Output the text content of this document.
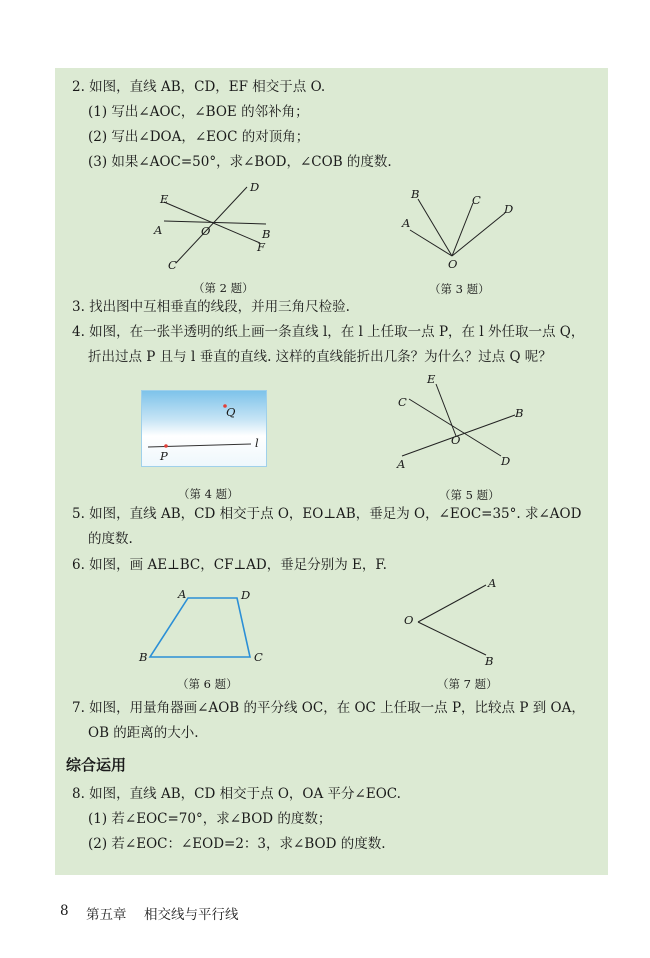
2. 如图，直线 AB，CD，EF 相交于点 O.
(1) 写出∠AOC，∠BOE 的邻补角；
(2) 写出∠DOA，∠EOC 的对顶角；
(3) 如果∠AOC=50°，求∠BOD，∠COB 的度数.
E
D
A	O	B
F
C
（第 2 题）
A
B	C
D
O
（第 3 题）
3. 找出图中互相垂直的线段，并用三角尺检验.
4. 如图，在一张半透明的纸上画一条直线 l，在 l 上任取一点 P，在 l 外任取一点 Q，
折出过点 P 且与 l 垂直的直线. 这样的直线能折出几条？为什么？过点 Q 呢？
Q
P
l
（第 4 题）
E
C
B
O
A	D
（第 5 题）
5. 如图，直线 AB，CD 相交于点 O，EO⊥AB，垂足为 O，∠EOC=35°. 求∠AOD
的度数.
6. 如图，画 AE⊥BC，CF⊥AD，垂足分别为 E，F.
A	D
B	C
（第 6 题）
A
O
B
（第 7 题）
7. 如图，用量角器画∠AOB 的平分线 OC，在 OC 上任取一点 P，比较点 P 到 OA，
OB 的距离的大小.
综合运用
8. 如图，直线 AB，CD 相交于点 O，OA 平分∠EOC.
(1) 若∠EOC=70°，求∠BOD 的度数；
(2) 若∠EOC：∠EOD=2：3，求∠BOD 的度数.
8 第五章 相交线与平行线
